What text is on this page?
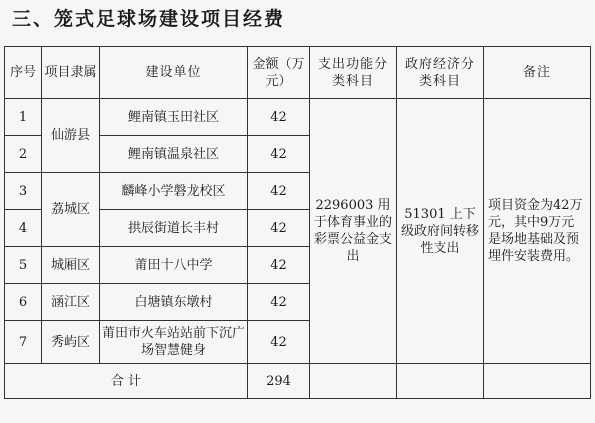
三、笼式足球场建设项目经费
序号	项目隶属	建设单位	金额（万元）	支出功能分类科目	政府经济分类科目	备注
1	仙游县	鲤南镇玉田社区	42	2296003 用于体育事业的彩票公益金支出	51301 上下级政府间转移性支出	项目资金为42万元，其中9万元是场地基础及预埋件安装费用。
2		鲤南镇温泉社区	42			
3	荔城区	麟峰小学磐龙校区	42			
4		拱辰街道长丰村	42			
5	城厢区	莆田十八中学	42			
6	涵江区	白塘镇东墩村	42			
7	秀屿区	莆田市火车站站前下沉广场智慧健身	42			
合 计			294			
